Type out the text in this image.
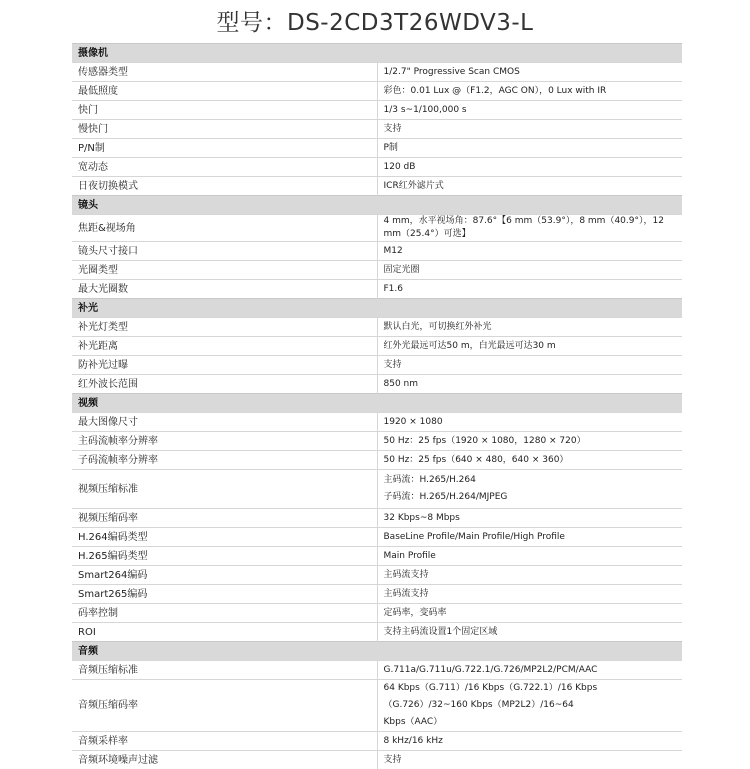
型号：DS-2CD3T26WDV3-L
摄像机	
传感器类型	1/2.7" Progressive Scan CMOS

最低照度	彩色：0.01 Lux @（F1.2，AGC ON），0 Lux with IR

快门	1/3 s~1/100,000 s

慢快门	支持

P/N制	P制

宽动态	120 dB

日夜切换模式	ICR红外滤片式

镜头	
焦距&视场角	4 mm，水平视场角：87.6°【6 mm（53.9°），8 mm（40.9°），12 mm（25.4°）可选】

镜头尺寸接口	M12

光圈类型	固定光圈

最大光圈数	F1.6

补光	
补光灯类型	默认白光，可切换红外补光

补光距离	红外光最远可达50 m，白光最远可达30 m

防补光过曝	支持

红外波长范围	850 nm

视频	
最大图像尺寸	1920 × 1080

主码流帧率分辨率	50 Hz：25 fps（1920 × 1080，1280 × 720）

子码流帧率分辨率	50 Hz：25 fps（640 × 480，640 × 360）

视频压缩标准	主码流：H.265/H.264
子码流：H.265/H.264/MJPEG

视频压缩码率	32 Kbps~8 Mbps

H.264编码类型	BaseLine Profile/Main Profile/High Profile

H.265编码类型	Main Profile

Smart264编码	主码流支持

Smart265编码	主码流支持

码率控制	定码率，变码率

ROI	支持主码流设置1个固定区域

音频	
音频压缩标准	G.711a/G.711u/G.722.1/G.726/MP2L2/PCM/AAC

音频压缩码率	64 Kbps（G.711）/16 Kbps（G.722.1）/16 Kbps（G.726）/32~160 Kbps（MP2L2）/16~64
Kbps（AAC）

音频采样率	8 kHz/16 kHz

音频环境噪声过滤	支持
